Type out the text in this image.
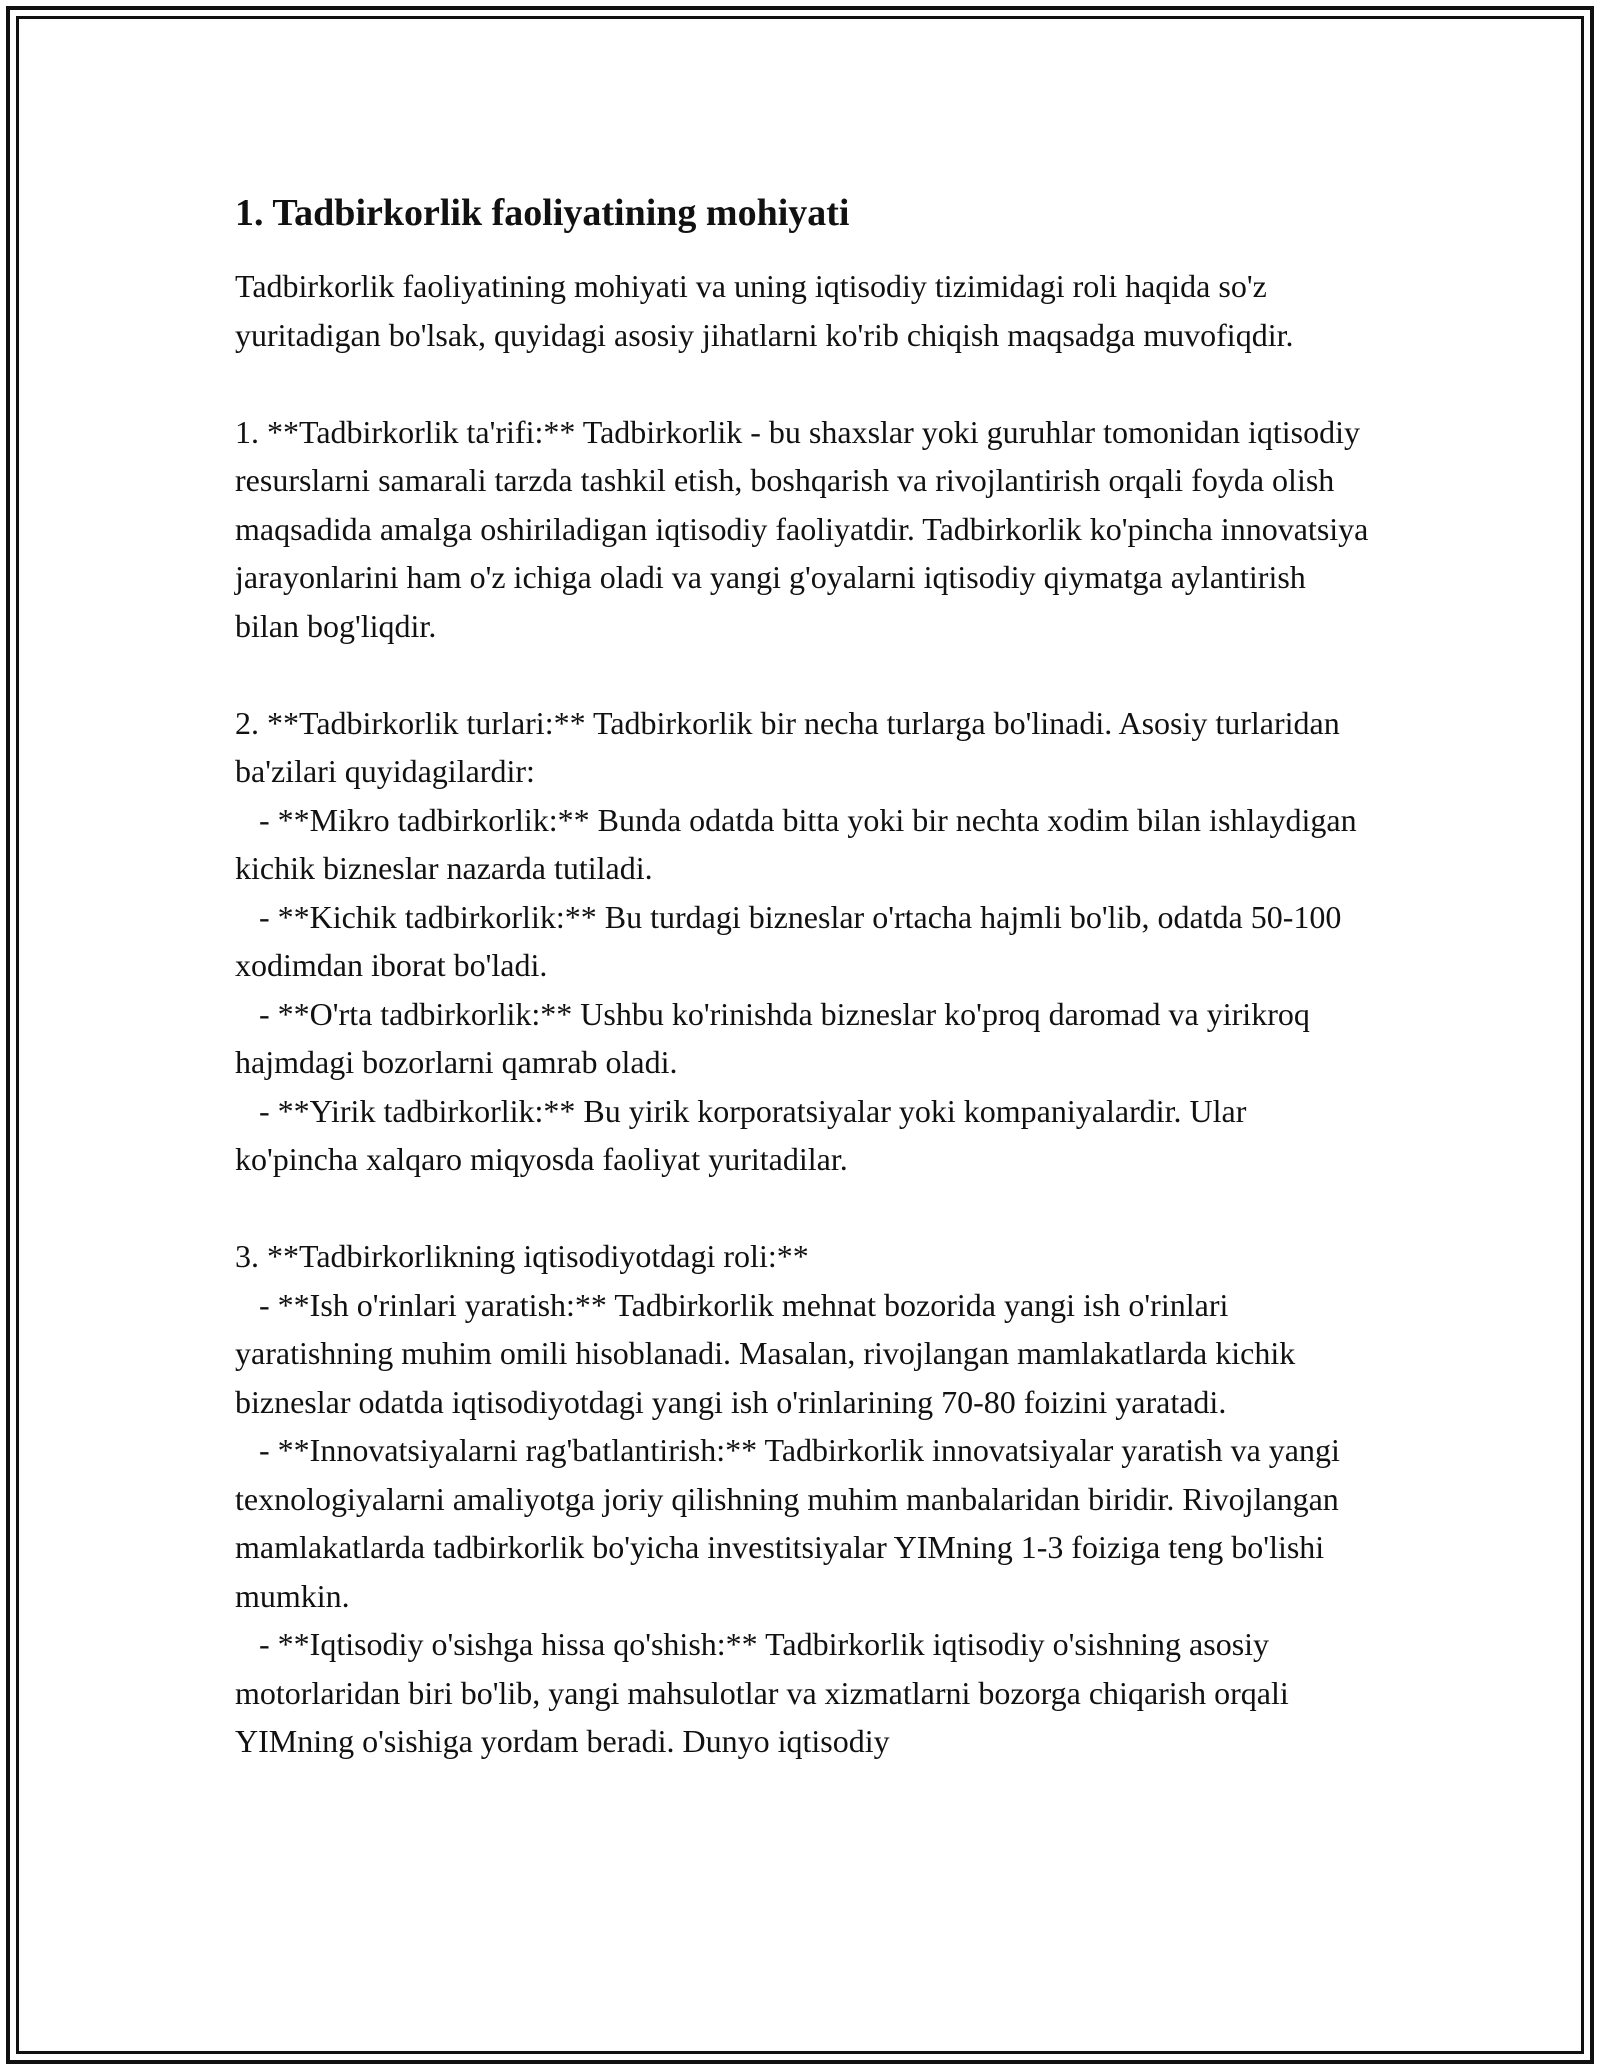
1. Tadbirkorlik faoliyatining mohiyati

Tadbirkorlik faoliyatining mohiyati va uning iqtisodiy tizimidagi roli haqida so'z yuritadigan bo'lsak, quyidagi asosiy jihatlarni ko'rib chiqish maqsadga muvofiqdir.

1. **Tadbirkorlik ta'rifi:** Tadbirkorlik - bu shaxslar yoki guruhlar tomonidan iqtisodiy resurslarni samarali tarzda tashkil etish, boshqarish va rivojlantirish orqali foyda olish maqsadida amalga oshiriladigan iqtisodiy faoliyatdir. Tadbirkorlik ko'pincha innovatsiya jarayonlarini ham o'z ichiga oladi va yangi g'oyalarni iqtisodiy qiymatga aylantirish bilan bog'liqdir.

2. **Tadbirkorlik turlari:** Tadbirkorlik bir necha turlarga bo'linadi. Asosiy turlaridan ba'zilari quyidagilardir:
- **Mikro tadbirkorlik:** Bunda odatda bitta yoki bir nechta xodim bilan ishlaydigan kichik bizneslar nazarda tutiladi.
- **Kichik tadbirkorlik:** Bu turdagi bizneslar o'rtacha hajmli bo'lib, odatda 50-100 xodimdan iborat bo'ladi.
- **O'rta tadbirkorlik:** Ushbu ko'rinishda bizneslar ko'proq daromad va yirikroq hajmdagi bozorlarni qamrab oladi.
- **Yirik tadbirkorlik:** Bu yirik korporatsiyalar yoki kompaniyalardir. Ular ko'pincha xalqaro miqyosda faoliyat yuritadilar.

3. **Tadbirkorlikning iqtisodiyotdagi roli:**
- **Ish o'rinlari yaratish:** Tadbirkorlik mehnat bozorida yangi ish o'rinlari yaratishning muhim omili hisoblanadi. Masalan, rivojlangan mamlakatlarda kichik bizneslar odatda iqtisodiyotdagi yangi ish o'rinlarining 70-80 foizini yaratadi.
- **Innovatsiyalarni rag'batlantirish:** Tadbirkorlik innovatsiyalar yaratish va yangi texnologiyalarni amaliyotga joriy qilishning muhim manbalaridan biridir. Rivojlangan mamlakatlarda tadbirkorlik bo'yicha investitsiyalar YIMning 1-3 foiziga teng bo'lishi mumkin.
- **Iqtisodiy o'sishga hissa qo'shish:** Tadbirkorlik iqtisodiy o'sishning asosiy motorlaridan biri bo'lib, yangi mahsulotlar va xizmatlarni bozorga chiqarish orqali YIMning o'sishiga yordam beradi. Dunyo iqtisodiy
